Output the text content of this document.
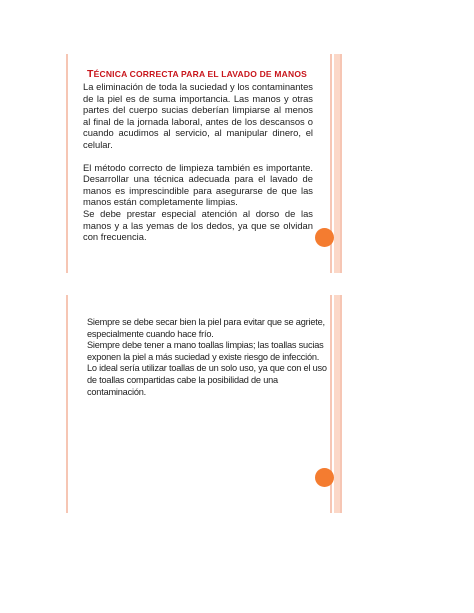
TÉCNICA CORRECTA PARA EL LAVADO DE MANOS

La eliminación de toda la suciedad y los contaminantes de la piel es de suma importancia. Las manos y otras partes del cuerpo sucias deberían limpiarse al menos al final de la jornada laboral, antes de los descansos o cuando acudimos al servicio, al manipular dinero, el celular.

El método correcto de limpieza también es importante. Desarrollar una técnica adecuada para el lavado de manos es imprescindible para asegurarse de que las manos están completamente limpias.

Se debe prestar especial atención al dorso de las manos y a las yemas de los dedos, ya que se olvidan con frecuencia.

Siempre se debe secar bien la piel para evitar que se agriete, especialmente cuando hace frío.

Siempre debe tener a mano toallas limpias; las toallas sucias exponen la piel a más suciedad y existe riesgo de infección.

Lo ideal sería utilizar toallas de un solo uso, ya que con el uso de toallas compartidas cabe la posibilidad de una contaminación.
